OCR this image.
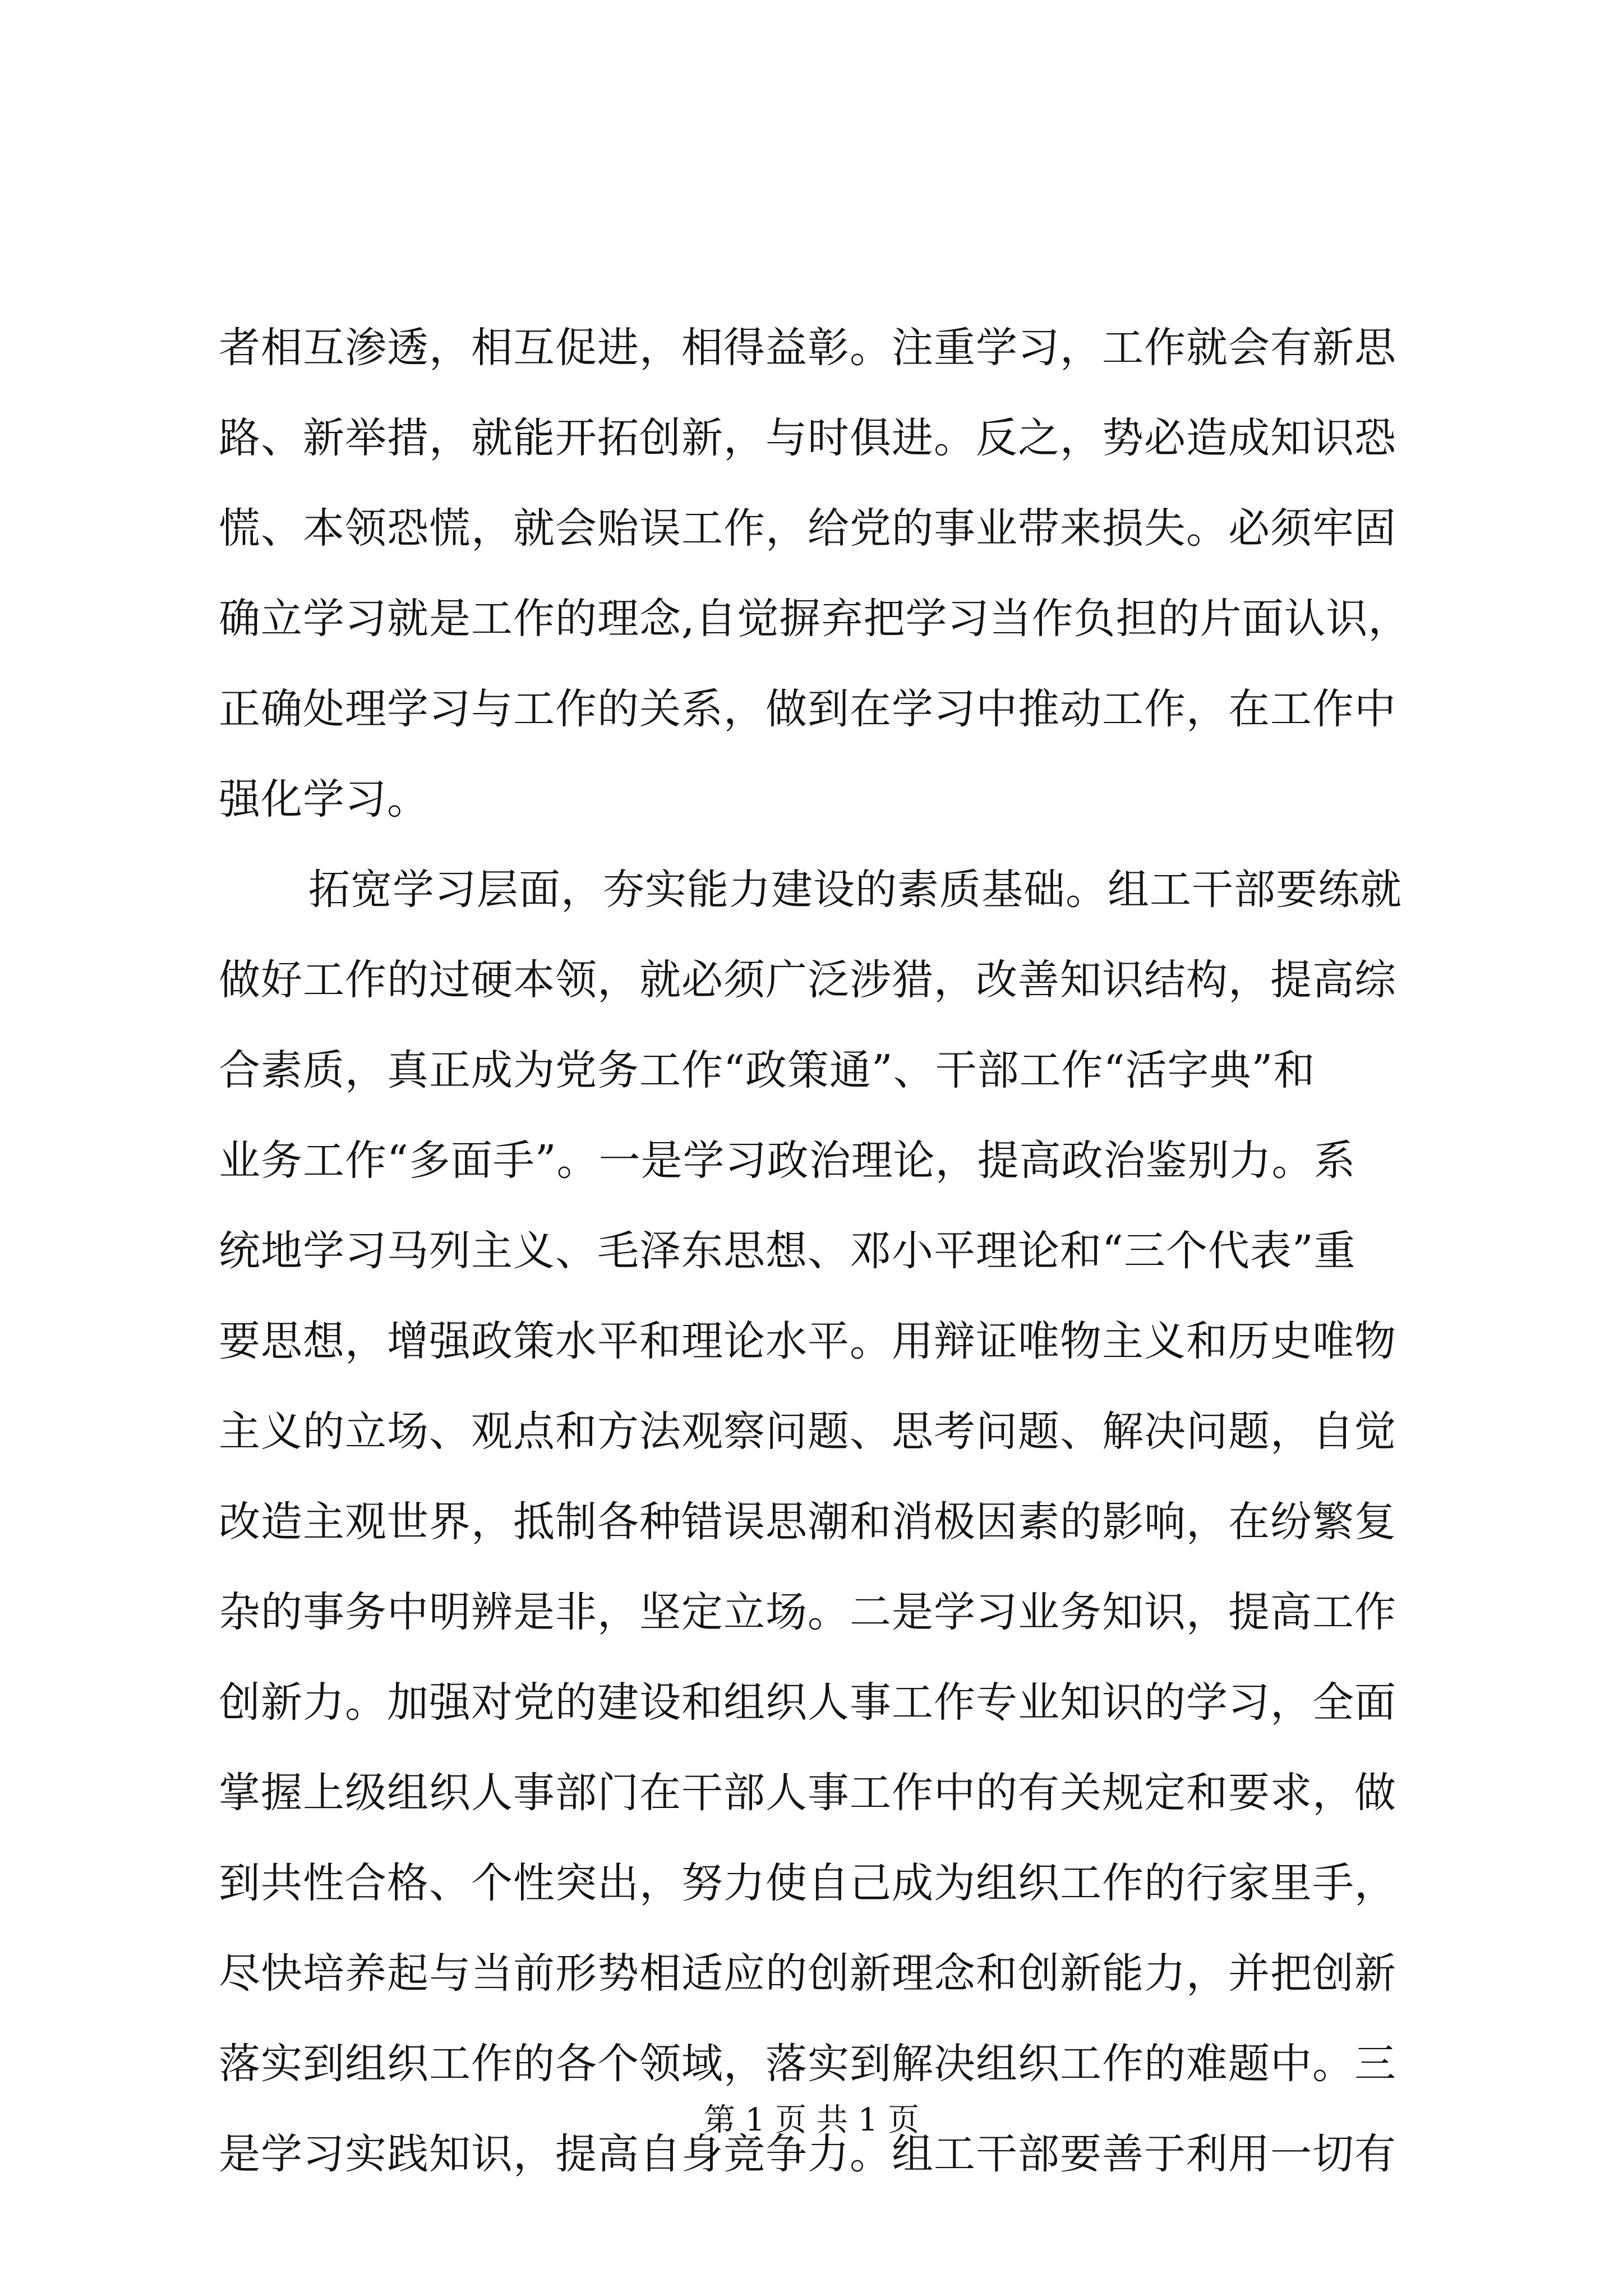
者相互渗透，相互促进，相得益彰。注重学习，工作就会有新思
路、新举措，就能开拓创新，与时俱进。反之，势必造成知识恐
慌、本领恐慌，就会贻误工作，给党的事业带来损失。必须牢固
确立学习就是工作的理念,自觉摒弃把学习当作负担的片面认识，
正确处理学习与工作的关系，做到在学习中推动工作，在工作中
强化学习。
拓宽学习层面，夯实能力建设的素质基础。组工干部要练就
做好工作的过硬本领，就必须广泛涉猎，改善知识结构，提高综
合素质，真正成为党务工作“政策通”、干部工作“活字典”和
业务工作“多面手”。一是学习政治理论，提高政治鉴别力。系
统地学习马列主义、毛泽东思想、邓小平理论和“三个代表”重
要思想，增强政策水平和理论水平。用辩证唯物主义和历史唯物
主义的立场、观点和方法观察问题、思考问题、解决问题，自觉
改造主观世界，抵制各种错误思潮和消极因素的影响，在纷繁复
杂的事务中明辨是非，坚定立场。二是学习业务知识，提高工作
创新力。加强对党的建设和组织人事工作专业知识的学习，全面
掌握上级组织人事部门在干部人事工作中的有关规定和要求，做
到共性合格、个性突出，努力使自己成为组织工作的行家里手，
尽快培养起与当前形势相适应的创新理念和创新能力，并把创新
落实到组织工作的各个领域，落实到解决组织工作的难题中。三
是学习实践知识，提高自身竞争力。组工干部要善于利用一切有
第 1 页 共 1 页
